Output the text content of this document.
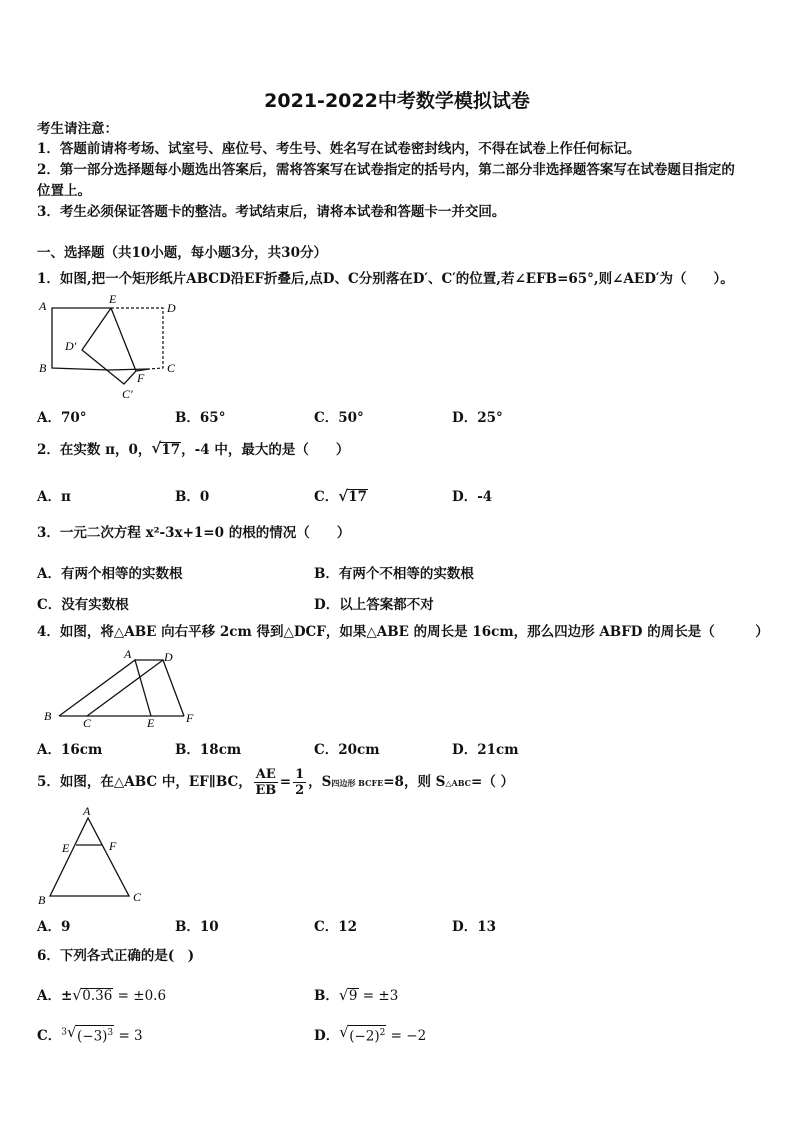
2021-2022中考数学模拟试卷
考生请注意：
1．答题前请将考场、试室号、座位号、考生号、姓名写在试卷密封线内，不得在试卷上作任何标记。
2．第一部分选择题每小题选出答案后，需将答案写在试卷指定的括号内，第二部分非选择题答案写在试卷题目指定的
位置上。
3．考生必须保证答题卡的整洁。考试结束后，请将本试卷和答题卡一并交回。
一、选择题（共10小题，每小题3分，共30分）
1．如图,把一个矩形纸片ABCD沿EF折叠后,点D、C分别落在D′、C′的位置,若∠EFB=65°,则∠AED′为（　　）。
A	E
D
D′
B	C
F
C′
A．70°	B．65°	C．50°	D．25°
2．在实数 π，0， √ 17，-4 中，最大的是（　　）
A．π	B．0	C． √ 17	D．-4
3．一元二次方程 x²-3x+1=0 的根的情况（　　）
A．有两个相等的实数根	B．有两个不相等的实数根
C．没有实数根	D．以上答案都不对
4．如图，将△ABE 向右平移 2cm 得到△DCF，如果△ABE 的周长是 16cm，那么四边形 ABFD 的周长是（　　　）
A	D
B	C	E	F
A．16cm	B．18cm	C．20cm	D．21cm
5．如图，在△ABC 中，EF∥BC， $\frac{AE}{EB} = \frac{1}{2}$ ，S四边形 BCFE=8，则 S△ABC=（ ）
A
E	F
B	C
A．9	B．10	C．12	D．13
6．下列各式正确的是(　)
A．± √ 0.36 = ±0.6	B． √ 9 = ±3
C．$^3$ √ $(-3)^3 = 3$	D． √ $(-2)^2 = -2$
